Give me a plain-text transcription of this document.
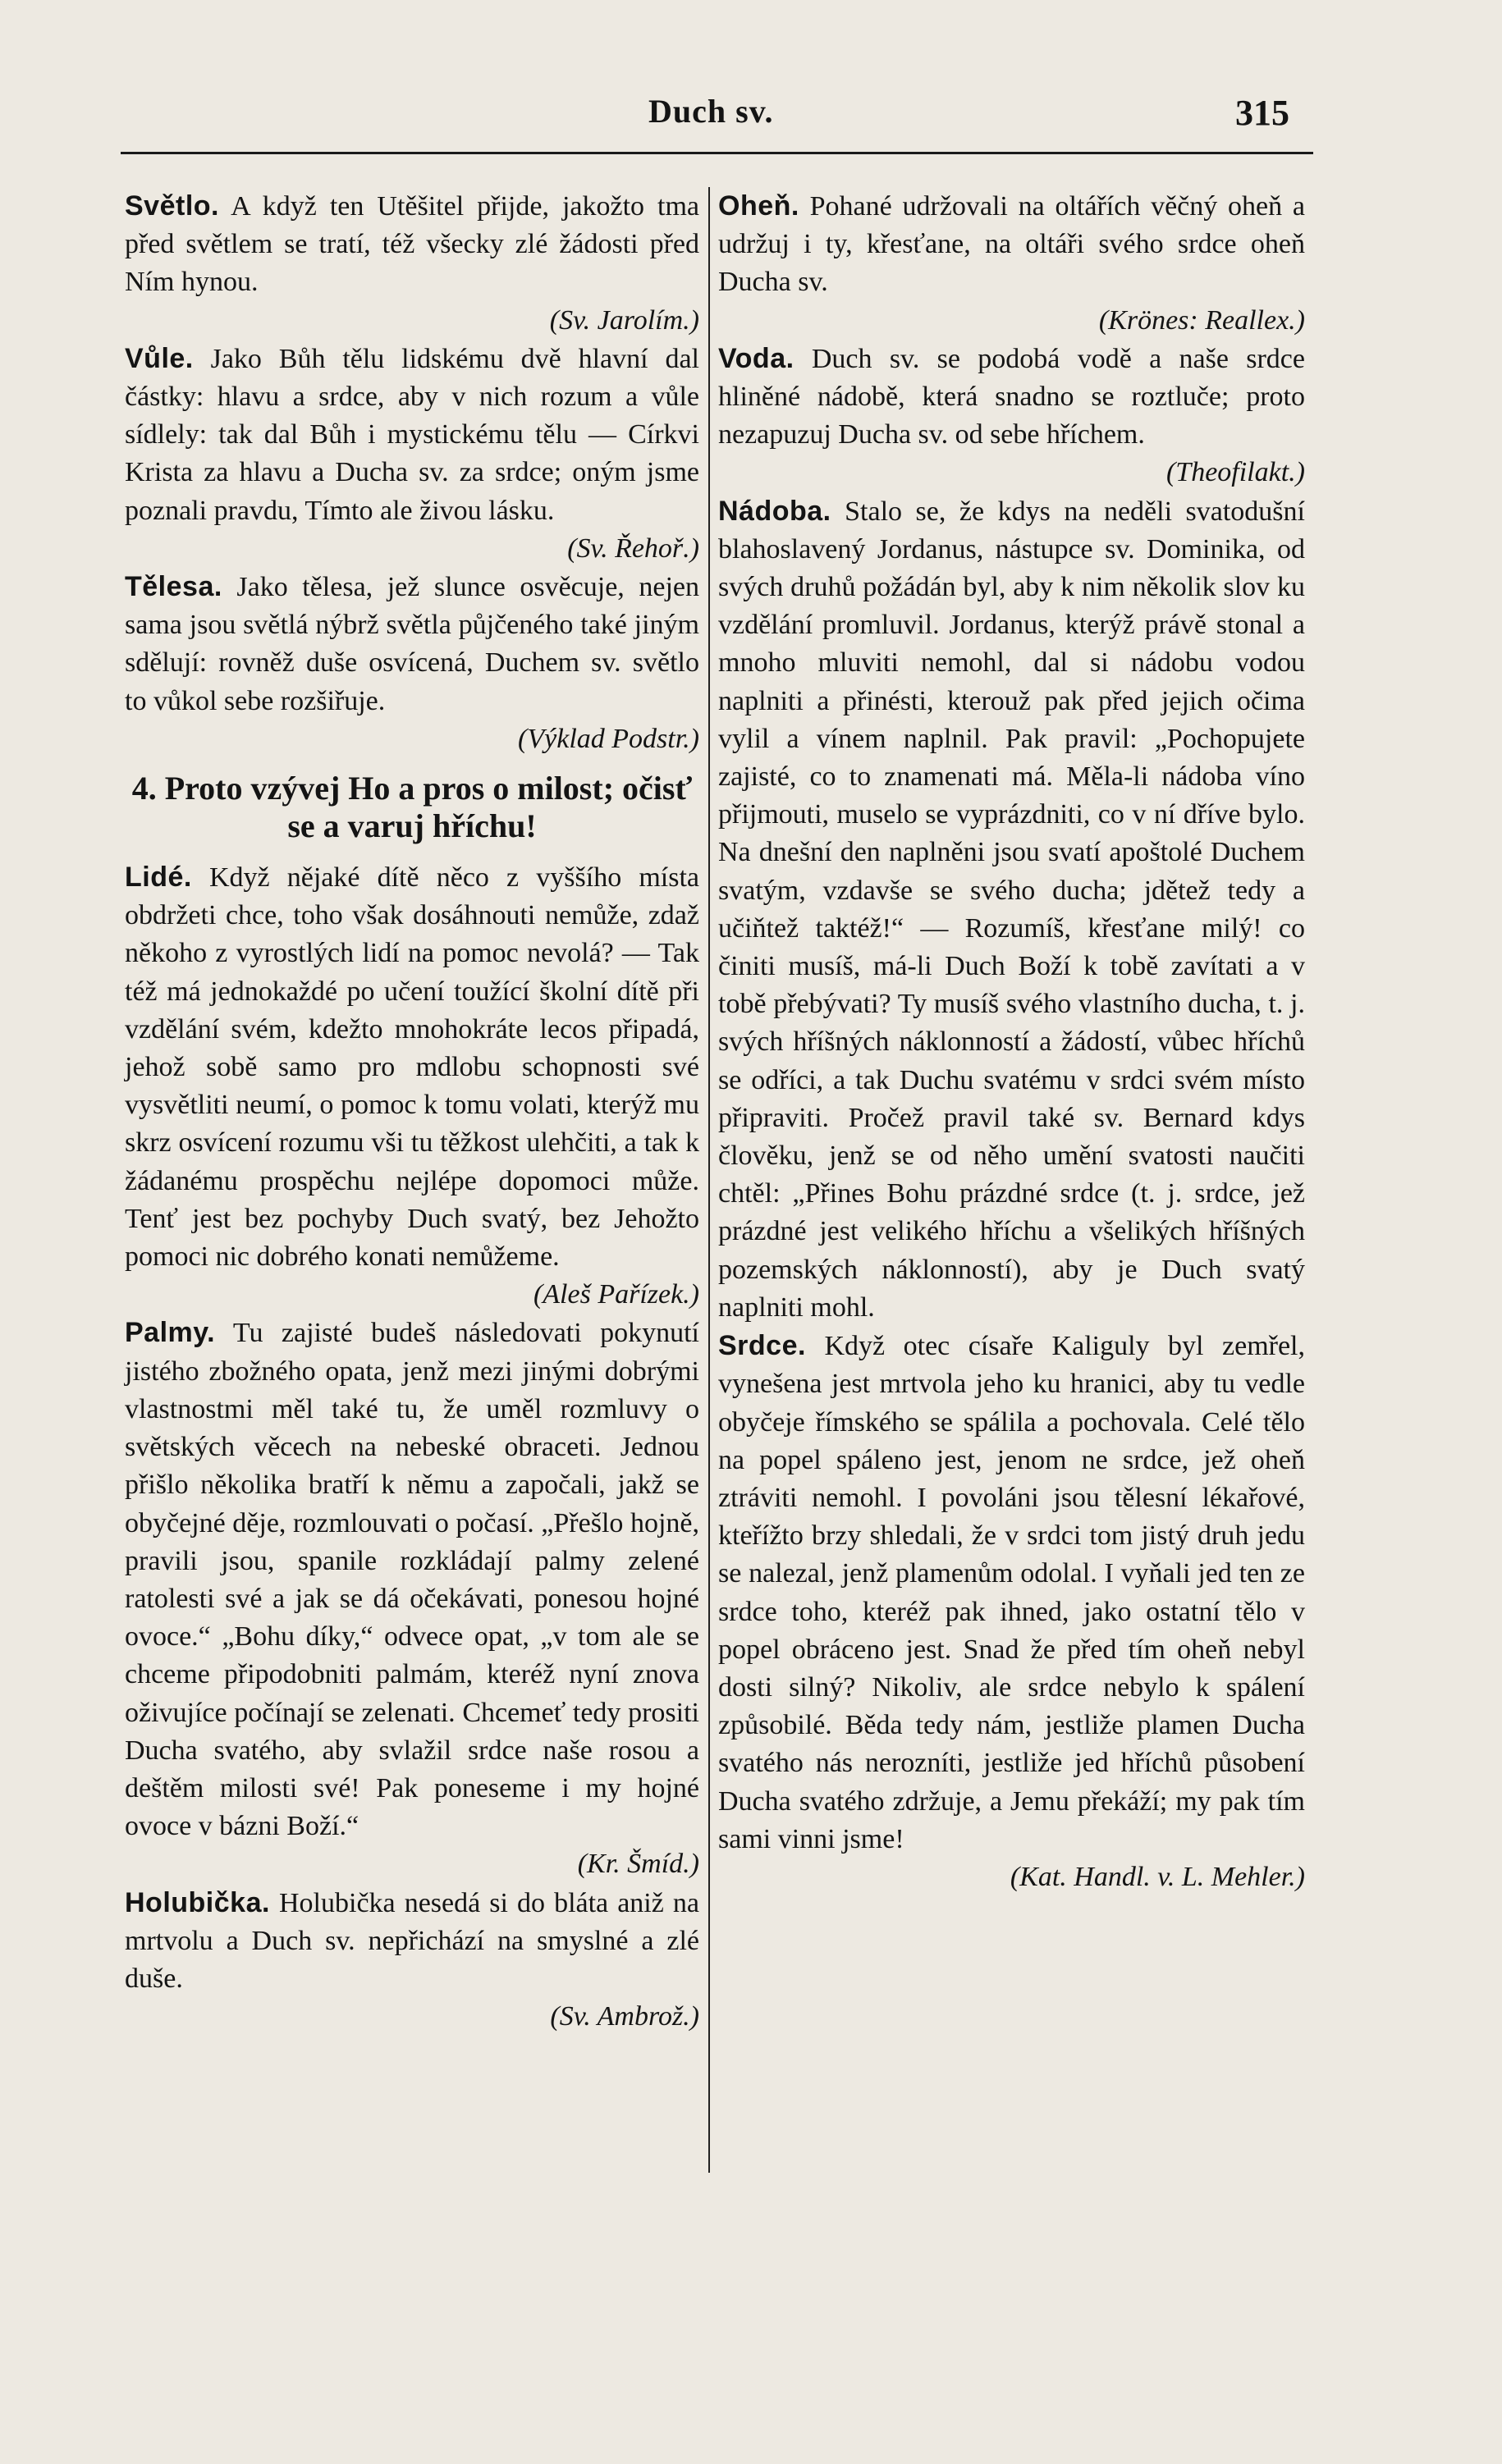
Duch sv.	315

Světlo. A když ten Utěšitel přijde, jakožto tma před světlem se tratí, též všecky zlé žádosti před Ním hynou.

(Sv. Jarolím.)

Vůle. Jako Bůh tělu lidskému dvě hlavní dal částky: hlavu a srdce, aby v nich rozum a vůle sídlely: tak dal Bůh i mystickému tělu — Církvi Krista za hlavu a Ducha sv. za srdce; oným jsme poznali pravdu, Tímto ale živou lásku.

(Sv. Řehoř.)

Tělesa. Jako tělesa, jež slunce osvěcuje, nejen sama jsou světlá nýbrž světla půjčeného také jiným sdělují: rovněž duše osvícená, Duchem sv. světlo to vůkol sebe rozšiřuje.

(Výklad Podstr.)

4. Proto vzývej Ho a pros o milost; očisť se a varuj hříchu!

Lidé. Když nějaké dítě něco z vyššího místa obdržeti chce, toho však dosáhnouti nemůže, zdaž někoho z vyrostlých lidí na pomoc nevolá? — Tak též má jednokaždé po učení toužící školní dítě při vzdělání svém, kdežto mnohokráte lecos připadá, jehož sobě samo pro mdlobu schopnosti své vysvětliti neumí, o pomoc k tomu volati, kterýž mu skrz osvícení rozumu vši tu těžkost ulehčiti, a tak k žádanému prospěchu nejlépe dopomoci může. Tenť jest bez pochyby Duch svatý, bez Jehožto pomoci nic dobrého konati nemůžeme.

(Aleš Pařízek.)

Palmy. Tu zajisté budeš následovati pokynutí jistého zbožného opata, jenž mezi jinými dobrými vlastnostmi měl také tu, že uměl rozmluvy o světských věcech na nebeské obraceti. Jednou přišlo několika bratří k němu a započali, jakž se obyčejné děje, rozmlouvati o počasí. „Přešlo hojně, pravili jsou, spanile rozkládají palmy zelené ratolesti své a jak se dá očekávati, ponesou hojné ovoce.“ „Bohu díky,“ odvece opat, „v tom ale se chceme připodobniti palmám, kteréž nyní znova oživujíce počínají se zelenati. Chcemeť tedy prositi Ducha svatého, aby svlažil srdce naše rosou a deštěm milosti své! Pak poneseme i my hojné ovoce v bázni Boží.“

(Kr. Šmíd.)

Holubička. Holubička nesedá si do bláta aniž na mrtvolu a Duch sv. nepřichází na smyslné a zlé duše.

(Sv. Ambrož.)

Oheň. Pohané udržovali na oltářích věčný oheň a udržuj i ty, křesťane, na oltáři svého srdce oheň Ducha sv.

(Krönes: Reallex.)

Voda. Duch sv. se podobá vodě a naše srdce hliněné nádobě, která snadno se roztluče; proto nezapuzuj Ducha sv. od sebe hříchem.

(Theofilakt.)

Nádoba. Stalo se, že kdys na neděli svatodušní blahoslavený Jordanus, nástupce sv. Dominika, od svých druhů požádán byl, aby k nim několik slov ku vzdělání promluvil. Jordanus, kterýž právě stonal a mnoho mluviti nemohl, dal si nádobu vodou naplniti a přinésti, kterouž pak před jejich očima vylil a vínem naplnil. Pak pravil: „Pochopujete zajisté, co to znamenati má. Měla-li nádoba víno přijmouti, muselo se vyprázdniti, co v ní dříve bylo. Na dnešní den naplněni jsou svatí apoštolé Duchem svatým, vzdavše se svého ducha; jdětež tedy a učiňtež taktéž!“ — Rozumíš, křesťane milý! co činiti musíš, má-li Duch Boží k tobě zavítati a v tobě přebývati? Ty musíš svého vlastního ducha, t. j. svých hříšných náklonností a žádostí, vůbec hříchů se odříci, a tak Duchu svatému v srdci svém místo připraviti. Pročež pravil také sv. Bernard kdys člověku, jenž se od něho umění svatosti naučiti chtěl: „Přines Bohu prázdné srdce (t. j. srdce, jež prázdné jest velikého hříchu a všelikých hříšných pozemských náklonností), aby je Duch svatý naplniti mohl.

Srdce. Když otec císaře Kaliguly byl zemřel, vynešena jest mrtvola jeho ku hranici, aby tu vedle obyčeje římského se spálila a pochovala. Celé tělo na popel spáleno jest, jenom ne srdce, jež oheň ztráviti nemohl. I povoláni jsou tělesní lékařové, kteřížto brzy shledali, že v srdci tom jistý druh jedu se nalezal, jenž plamenům odolal. I vyňali jed ten ze srdce toho, kteréž pak ihned, jako ostatní tělo v popel obráceno jest. Snad že před tím oheň nebyl dosti silný? Nikoliv, ale srdce nebylo k spálení způsobilé. Běda tedy nám, jestliže plamen Ducha svatého nás nerozníti, jestliže jed hříchů působení Ducha svatého zdržuje, a Jemu překáží; my pak tím sami vinni jsme!

(Kat. Handl. v. L. Mehler.)
